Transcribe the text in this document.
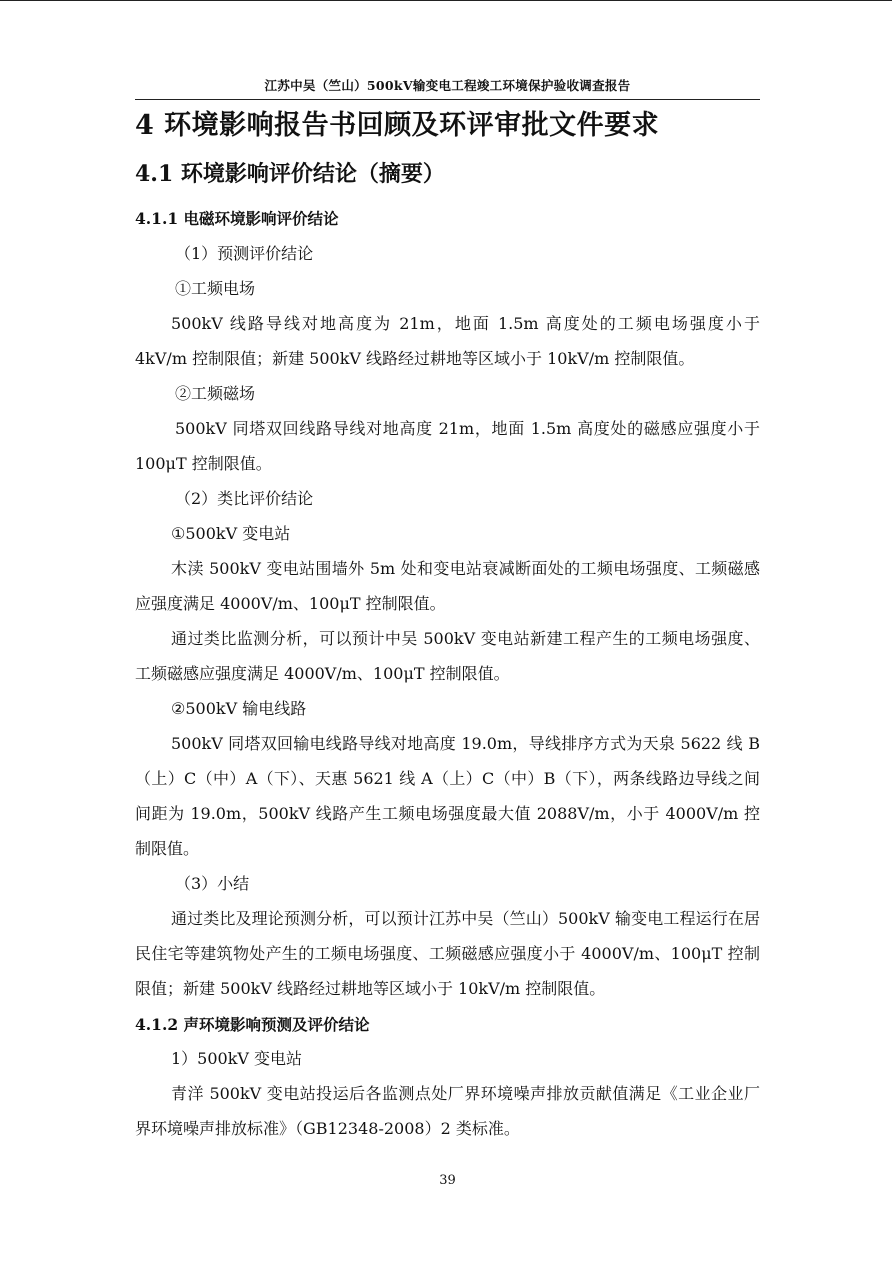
江苏中吴（竺山）500kV输变电工程竣工环境保护验收调查报告
4 环境影响报告书回顾及环评审批文件要求
4.1 环境影响评价结论（摘要）
4.1.1 电磁环境影响评价结论
（1）预测评价结论
①工频电场
500kV 线路导线对地高度为 21m，地面 1.5m 高度处的工频电场强度小于 4kV/m 控制限值；新建 500kV 线路经过耕地等区域小于 10kV/m 控制限值。
②工频磁场
500kV 同塔双回线路导线对地高度 21m，地面 1.5m 高度处的磁感应强度小于 100μT 控制限值。
（2）类比评价结论
①500kV 变电站
木渎 500kV 变电站围墙外 5m 处和变电站衰减断面处的工频电场强度、工频磁感应强度满足 4000V/m、100μT 控制限值。
通过类比监测分析，可以预计中吴 500kV 变电站新建工程产生的工频电场强度、工频磁感应强度满足 4000V/m、100μT 控制限值。
②500kV 输电线路
500kV 同塔双回输电线路导线对地高度 19.0m，导线排序方式为天泉 5622 线 B（上）C（中）A（下）、天惠 5621 线 A（上）C（中）B（下），两条线路边导线之间间距为 19.0m，500kV 线路产生工频电场强度最大值 2088V/m，小于 4000V/m 控制限值。
（3）小结
通过类比及理论预测分析，可以预计江苏中吴（竺山）500kV 输变电工程运行在居民住宅等建筑物处产生的工频电场强度、工频磁感应强度小于 4000V/m、100μT 控制限值；新建 500kV 线路经过耕地等区域小于 10kV/m 控制限值。
4.1.2 声环境影响预测及评价结论
1）500kV 变电站
青洋 500kV 变电站投运后各监测点处厂界环境噪声排放贡献值满足《工业企业厂界环境噪声排放标准》（GB12348-2008）2 类标准。
39
